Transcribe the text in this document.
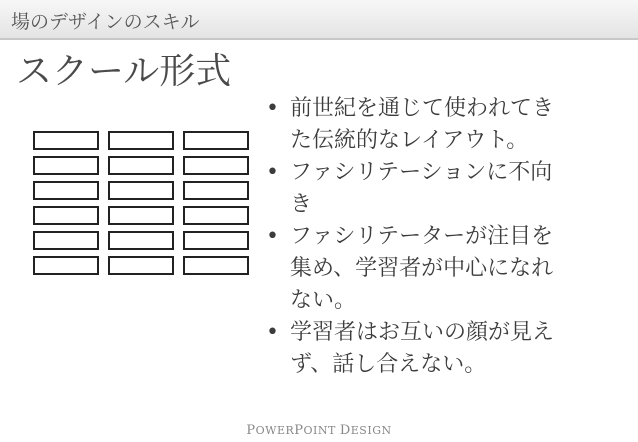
場のデザインのスキル
スクール形式
• 前世紀を通じて使われてき
た伝統的なレイアウト。
• ファシリテーションに不向
き
• ファシリテーターが注目を
集め、学習者が中心になれ
ない。
• 学習者はお互いの顔が見え
ず、話し合えない。
POWERPOINT DESIGN
